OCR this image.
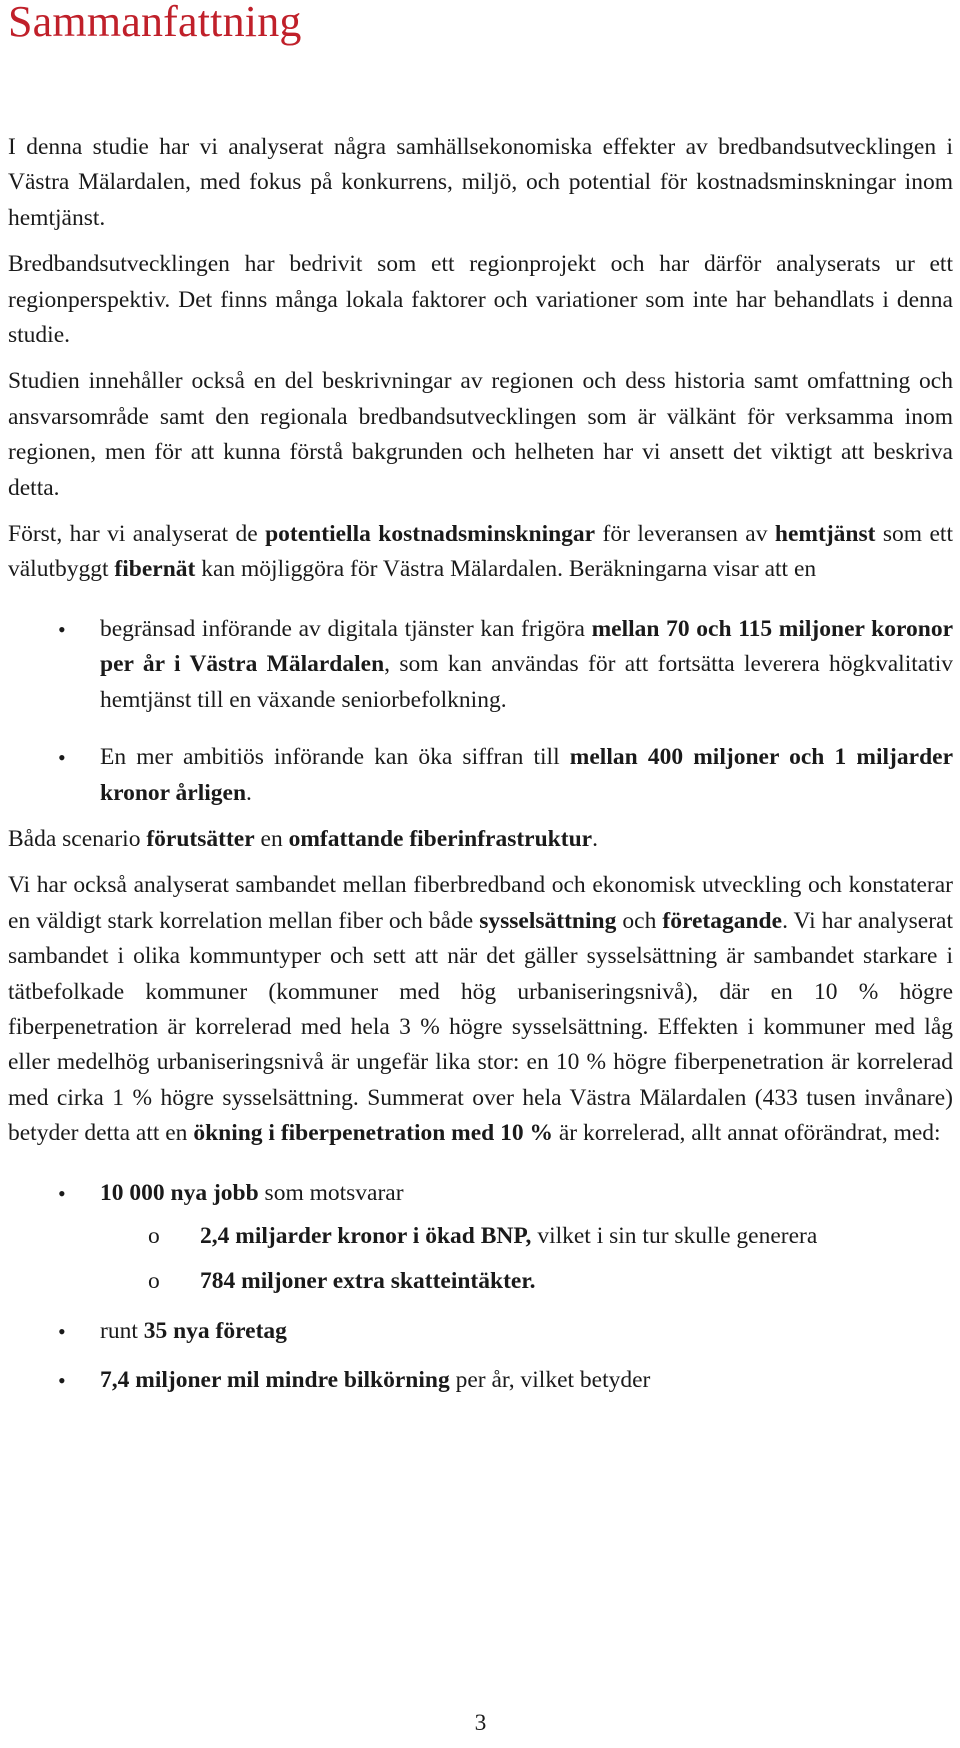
Sammanfattning

I denna studie har vi analyserat några samhällsekonomiska effekter av bredbandsutvecklingen i Västra Mälardalen, med fokus på konkurrens, miljö, och potential för kostnadsminskningar inom hemtjänst.

Bredbandsutvecklingen har bedrivit som ett regionprojekt och har därför analyserats ur ett regionperspektiv. Det finns många lokala faktorer och variationer som inte har behandlats i denna studie.

Studien innehåller också en del beskrivningar av regionen och dess historia samt omfattning och ansvarsområde samt den regionala bredbandsutvecklingen som är välkänt för verksamma inom regionen, men för att kunna förstå bakgrunden och helheten har vi ansett det viktigt att beskriva detta.

Först, har vi analyserat de potentiella kostnadsminskningar för leveransen av hemtjänst som ett välutbyggt fibernät kan möjliggöra för Västra Mälardalen. Beräkningarna visar att en

• begränsad införande av digitala tjänster kan frigöra mellan 70 och 115 miljoner koronor per år i Västra Mälardalen, som kan användas för att fortsätta leverera högkvalitativ hemtjänst till en växande seniorbefolkning.
• En mer ambitiös införande kan öka siffran till mellan 400 miljoner och 1 miljarder kronor årligen.

Båda scenario förutsätter en omfattande fiberinfrastruktur.

Vi har också analyserat sambandet mellan fiberbredband och ekonomisk utveckling och konstaterar en väldigt stark korrelation mellan fiber och både sysselsättning och företagande. Vi har analyserat sambandet i olika kommuntyper och sett att när det gäller sysselsättning är sambandet starkare i tätbefolkade kommuner (kommuner med hög urbaniseringsnivå), där en 10 % högre fiberpenetration är korrelerad med hela 3 % högre sysselsättning. Effekten i kommuner med låg eller medelhög urbaniseringsnivå är ungefär lika stor: en 10 % högre fiberpenetration är korrelerad med cirka 1 % högre sysselsättning. Summerat over hela Västra Mälardalen (433 tusen invånare) betyder detta att en ökning i fiberpenetration med 10 % är korrelerad, allt annat oförändrat, med:

• 10 000 nya jobb som motsvarar
o	2,4 miljarder kronor i ökad BNP, vilket i sin tur skulle generera
o	784 miljoner extra skatteintäkter.
• runt 35 nya företag
• 7,4 miljoner mil mindre bilkörning per år, vilket betyder
3
